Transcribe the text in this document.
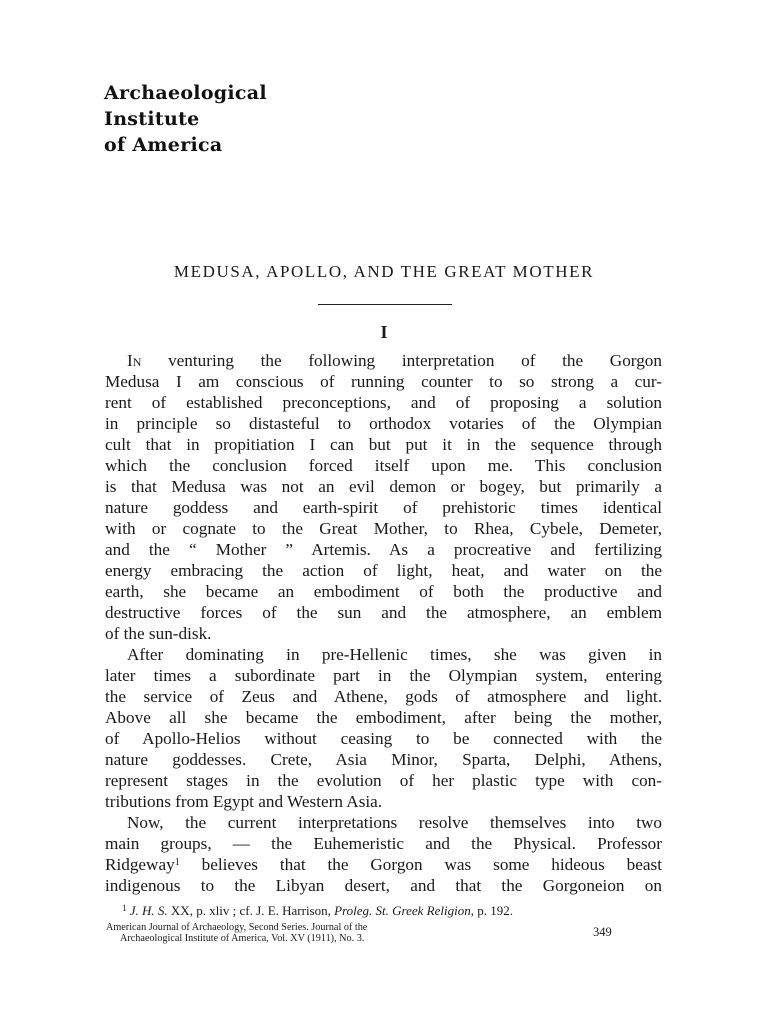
Archaeological
Institute
of America
MEDUSA, APOLLO, AND THE GREAT MOTHER
I
In venturing the following interpretation of the Gorgon
Medusa I am conscious of running counter to so strong a cur-
rent of established preconceptions, and of proposing a solution
in principle so distasteful to orthodox votaries of the Olympian
cult that in propitiation I can but put it in the sequence through
which the conclusion forced itself upon me. This conclusion
is that Medusa was not an evil demon or bogey, but primarily a
nature goddess and earth-spirit of prehistoric times identical
with or cognate to the Great Mother, to Rhea, Cybele, Demeter,
and the “ Mother ” Artemis. As a procreative and fertilizing
energy embracing the action of light, heat, and water on the
earth, she became an embodiment of both the productive and
destructive forces of the sun and the atmosphere, an emblem
of the sun-disk.
After dominating in pre-Hellenic times, she was given in
later times a subordinate part in the Olympian system, entering
the service of Zeus and Athene, gods of atmosphere and light.
Above all she became the embodiment, after being the mother,
of Apollo-Helios without ceasing to be connected with the
nature goddesses. Crete, Asia Minor, Sparta, Delphi, Athens,
represent stages in the evolution of her plastic type with con-
tributions from Egypt and Western Asia.
Now, the current interpretations resolve themselves into two
main groups, — the Euhemeristic and the Physical. Professor
Ridgeway$^1$ believes that the Gorgon was some hideous beast
indigenous to the Libyan desert, and that the Gorgoneion on
$^1$ J. H. S. XX, p. xliv ; cf. J. E. Harrison, Proleg. St. Greek Religion, p. 192.
American Journal of Archaeology, Second Series. Journal of the
Archaeological Institute of America, Vol. XV (1911), No. 3.	349
